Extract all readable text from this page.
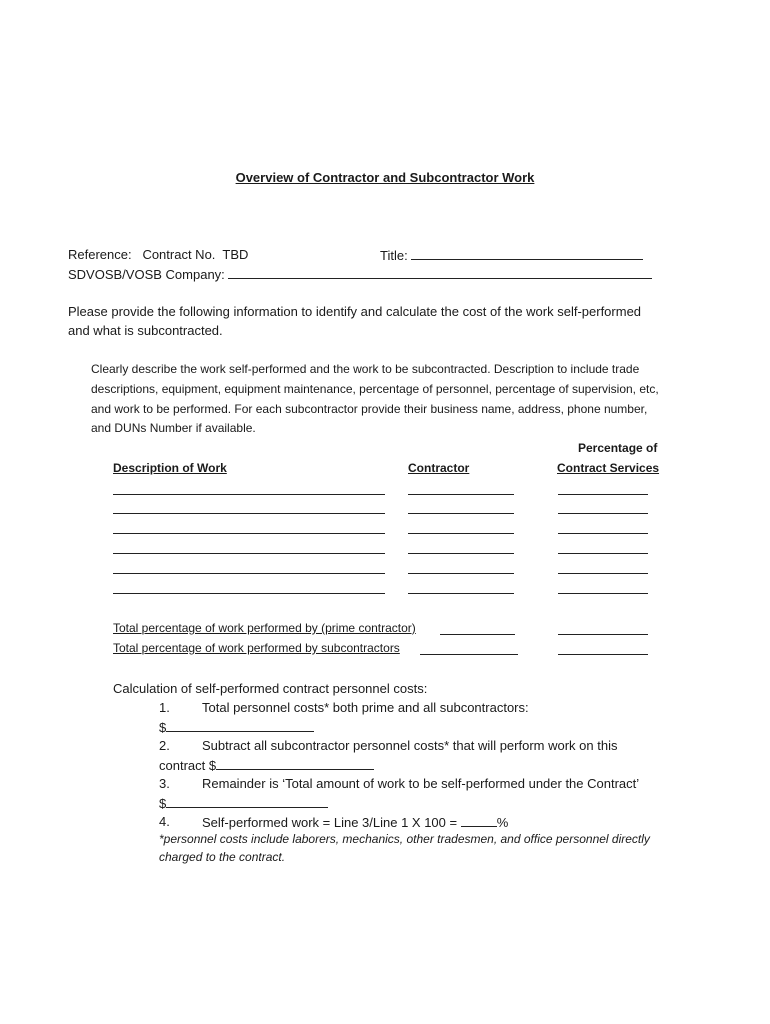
Overview of Contractor and Subcontractor Work
Reference: Contract No. TBD	Title:
SDVOSB/VOSB Company:
Please provide the following information to identify and calculate the cost of the work self-performed
and what is subcontracted.
Clearly describe the work self-performed and the work to be subcontracted. Description to include trade
descriptions, equipment, equipment maintenance, percentage of personnel, percentage of supervision, etc,
and work to be performed. For each subcontractor provide their business name, address, phone number,
and DUNs Number if available.
Percentage of
Description of Work	Contractor	Contract Services
Total percentage of work performed by (prime contractor)
Total percentage of work performed by subcontractors
Calculation of self-performed contract personnel costs:
1. Total personnel costs* both prime and all subcontractors:
$
2. Subtract all subcontractor personnel costs* that will perform work on this
contract $
3. Remainder is ‘Total amount of work to be self-performed under the Contract’
$
4. Self-performed work = Line 3/Line 1 X 100 =	%
*personnel costs include laborers, mechanics, other tradesmen, and office personnel directly
charged to the contract.
